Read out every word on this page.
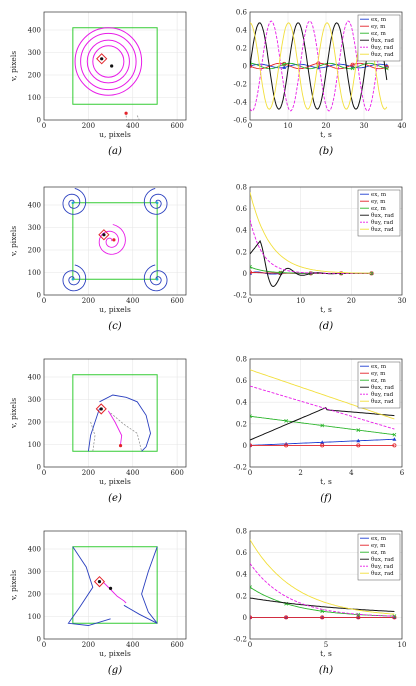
0	200	400	600
0
100
200
300
400
u, pixels
v, pixels
(a)
0	10	20	30	40
-0.6
-0.4
-0.2
0
0.2
0.4
0.6
t, s
(b)
ex, m
ey, m
ez, m
θux, rad
θuy, rad
θuz, rad
0	200	400	600
0
100
200
300
400
u, pixels
v, pixels
(c)
0	10	20	30
-0.2
0
0.2
0.4
0.6
0.8
t, s
(d)
ex, m
ey, m
ez, m
θux, rad
θuy, rad
θuz, rad
0	200	400	600
0
100
200
300
400
u, pixels
v, pixels
(e)
0	2	4	6
-0.2
0
0.2
0.4
0.6
0.8
t, s
(f)
ex, m
ey, m
ez, m
θux, rad
θuy, rad
θuz, rad
0	200	400	600
0
100
200
300
400
u, pixels
v, pixels
(g)
0	5	10
-0.2
0
0.2
0.4
0.6
0.8
t, s
(h)
ex, m
ey, m
ez, m
θux, rad
θuy, rad
θuz, rad
